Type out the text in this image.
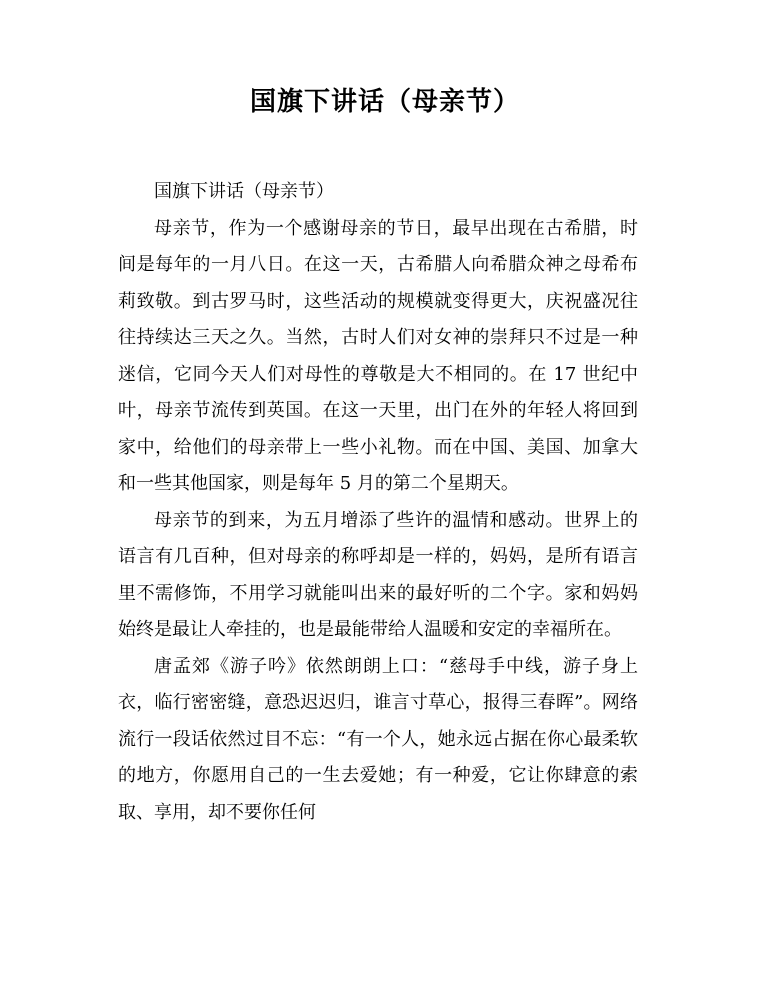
国旗下讲话（母亲节）

国旗下讲话（母亲节）

母亲节，作为一个感谢母亲的节日，最早出现在古希腊，时间是每年的一月八日。在这一天，古希腊人向希腊众神之母希布莉致敬。到古罗马时，这些活动的规模就变得更大，庆祝盛况往往持续达三天之久。当然，古时人们对女神的崇拜只不过是一种迷信，它同今天人们对母性的尊敬是大不相同的。在 17 世纪中叶，母亲节流传到英国。在这一天里，出门在外的年轻人将回到家中，给他们的母亲带上一些小礼物。而在中国、美国、加拿大和一些其他国家，则是每年 5 月的第二个星期天。

母亲节的到来，为五月增添了些许的温情和感动。世界上的语言有几百种，但对母亲的称呼却是一样的，妈妈，是所有语言里不需修饰，不用学习就能叫出来的最好听的二个字。家和妈妈始终是最让人牵挂的，也是最能带给人温暖和安定的幸福所在。

唐孟郊《游子吟》依然朗朗上口：“慈母手中线，游子身上衣，临行密密缝，意恐迟迟归，谁言寸草心，报得三春晖”。网络流行一段话依然过目不忘：“有一个人，她永远占据在你心最柔软的地方，你愿用自己的一生去爱她；有一种爱，它让你肆意的索取、享用，却不要你任何
